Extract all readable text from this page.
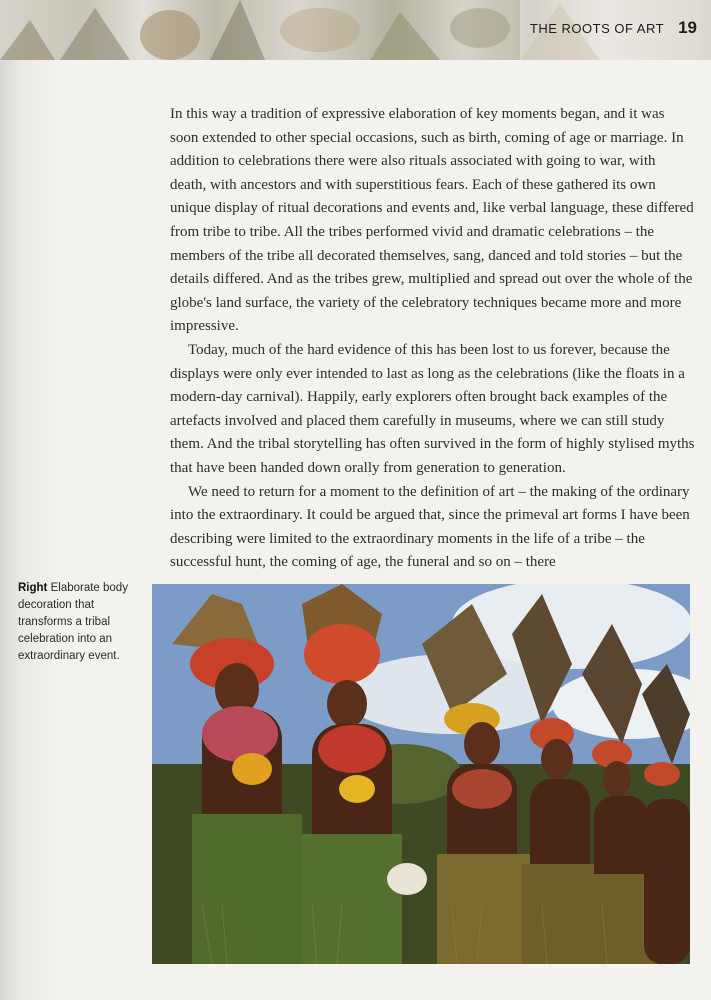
THE ROOTS OF ART 19

In this way a tradition of expressive elaboration of key moments began, and it was soon extended to other special occasions, such as birth, coming of age or marriage. In addition to celebrations there were also rituals associated with going to war, with death, with ancestors and with superstitious fears. Each of these gathered its own unique display of ritual decorations and events and, like verbal language, these differed from tribe to tribe. All the tribes performed vivid and dramatic celebrations – the members of the tribe all decorated themselves, sang, danced and told stories – but the details differed. And as the tribes grew, multiplied and spread out over the whole of the globe's land surface, the variety of the celebratory techniques became more and more impressive.

Today, much of the hard evidence of this has been lost to us forever, because the displays were only ever intended to last as long as the celebrations (like the floats in a modern-day carnival). Happily, early explorers often brought back examples of the artefacts involved and placed them carefully in museums, where we can still study them. And the tribal storytelling has often survived in the form of highly stylised myths that have been handed down orally from generation to generation.

We need to return for a moment to the definition of art – the making of the ordinary into the extraordinary. It could be argued that, since the primeval art forms I have been describing were limited to the extraordinary moments in the life of a tribe – the successful hunt, the coming of age, the funeral and so on – there

Right Elaborate body decoration that transforms a tribal celebration into an extraordinary event.
